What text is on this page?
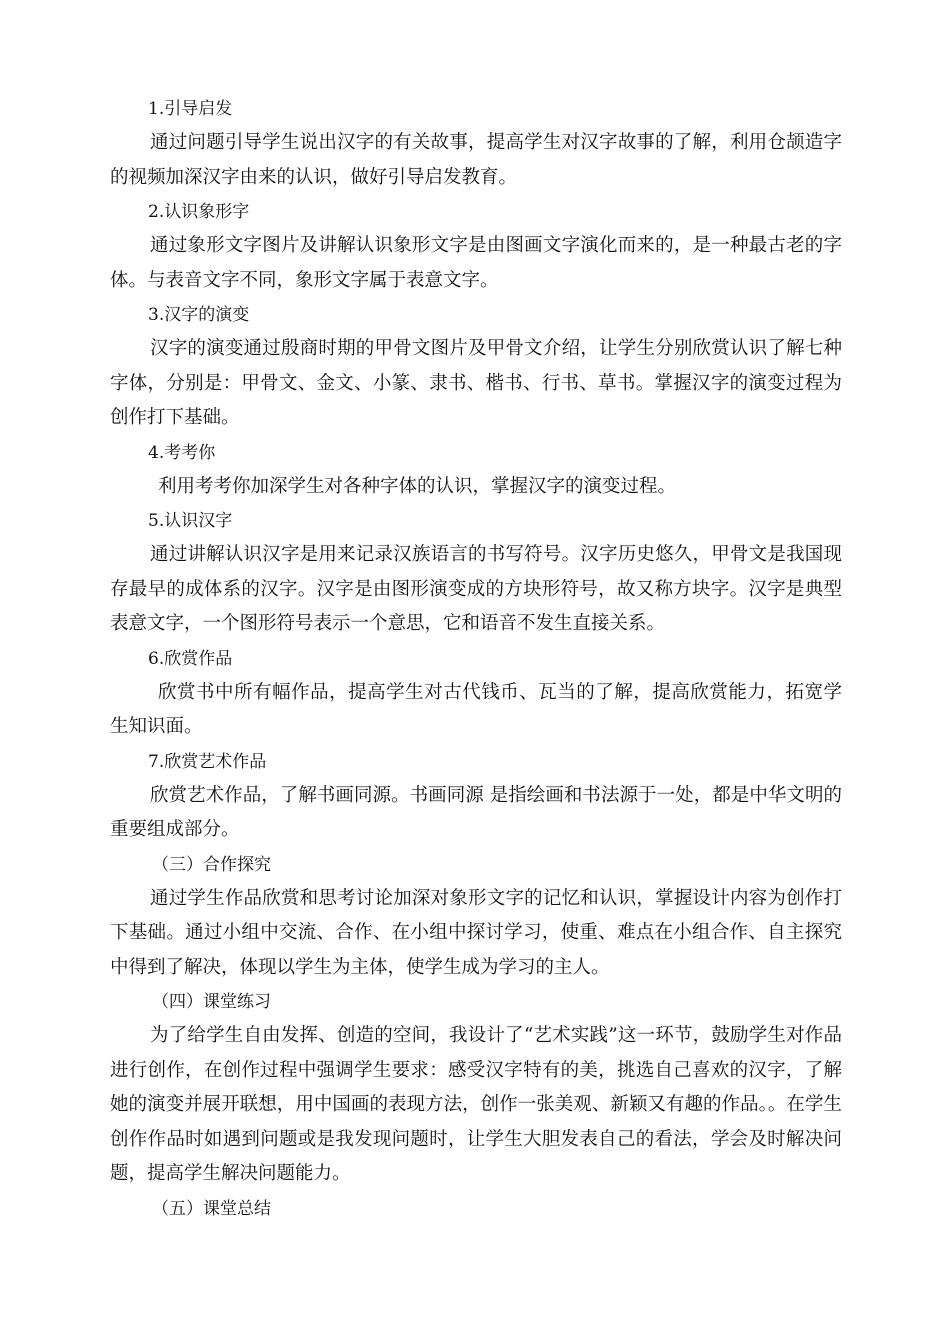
1.引导启发

通过问题引导学生说出汉字的有关故事，提高学生对汉字故事的了解，利用仓颉造字的视频加深汉字由来的认识，做好引导启发教育。

2.认识象形字

通过象形文字图片及讲解认识象形文字是由图画文字演化而来的，是一种最古老的字体。与表音文字不同，象形文字属于表意文字。

3.汉字的演变

汉字的演变通过殷商时期的甲骨文图片及甲骨文介绍，让学生分别欣赏认识了解七种字体，分别是：甲骨文、金文、小篆、隶书、楷书、行书、草书。掌握汉字的演变过程为创作打下基础。

4.考考你

利用考考你加深学生对各种字体的认识，掌握汉字的演变过程。

5.认识汉字

通过讲解认识汉字是用来记录汉族语言的书写符号。汉字历史悠久，甲骨文是我国现存最早的成体系的汉字。汉字是由图形演变成的方块形符号，故又称方块字。汉字是典型表意文字，一个图形符号表示一个意思，它和语音不发生直接关系。

6.欣赏作品

欣赏书中所有幅作品，提高学生对古代钱币、瓦当的了解，提高欣赏能力，拓宽学生知识面。

7.欣赏艺术作品

欣赏艺术作品，了解书画同源。书画同源 是指绘画和书法源于一处，都是中华文明的重要组成部分。

（三）合作探究

通过学生作品欣赏和思考讨论加深对象形文字的记忆和认识，掌握设计内容为创作打下基础。通过小组中交流、合作、在小组中探讨学习，使重、难点在小组合作、自主探究中得到了解决，体现以学生为主体，使学生成为学习的主人。

（四）课堂练习

为了给学生自由发挥、创造的空间，我设计了“艺术实践”这一环节，鼓励学生对作品进行创作，在创作过程中强调学生要求：感受汉字特有的美，挑选自己喜欢的汉字，了解她的演变并展开联想，用中国画的表现方法，创作一张美观、新颖又有趣的作品。。在学生创作作品时如遇到问题或是我发现问题时，让学生大胆发表自己的看法，学会及时解决问题，提高学生解决问题能力。

（五）课堂总结
